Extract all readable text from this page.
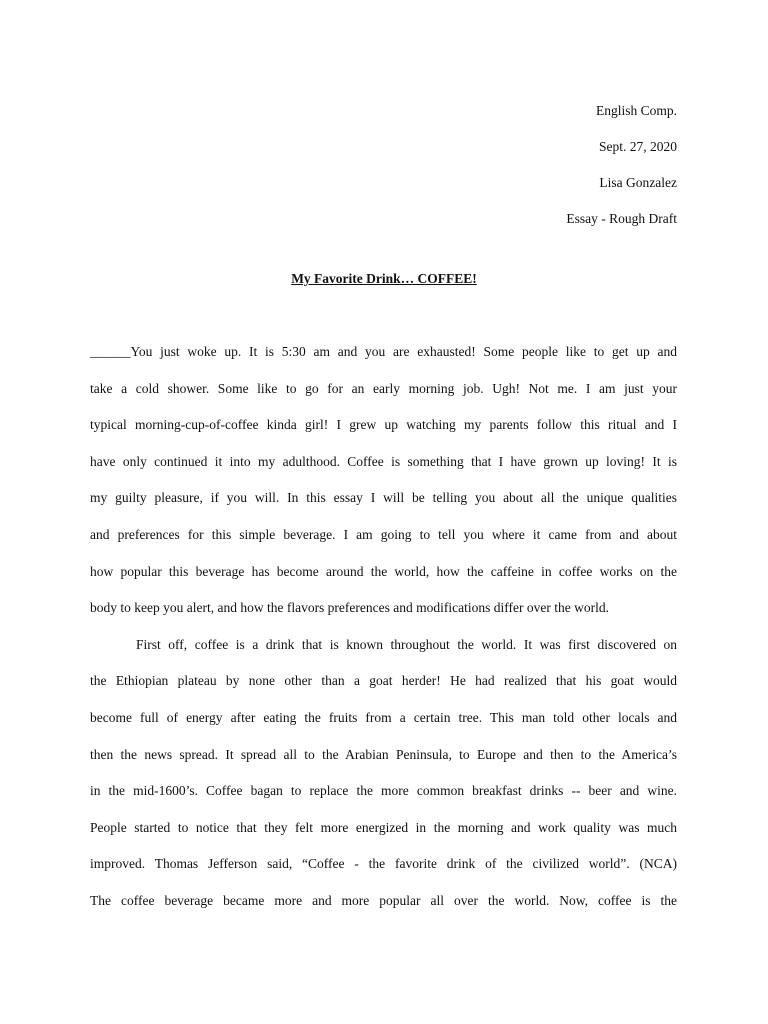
English Comp.
Sept. 27, 2020
Lisa Gonzalez
Essay - Rough Draft
My Favorite Drink… COFFEE!
______You just woke up. It is 5:30 am and you are exhausted! Some people like to get up and
take a cold shower. Some like to go for an early morning job. Ugh! Not me. I am just your
typical morning-cup-of-coffee kinda girl! I grew up watching my parents follow this ritual and I
have only continued it into my adulthood. Coffee is something that I have grown up loving! It is
my guilty pleasure, if you will. In this essay I will be telling you about all the unique qualities
and preferences for this simple beverage. I am going to tell you where it came from and about
how popular this beverage has become around the world, how the caffeine in coffee works on the
body to keep you alert, and how the flavors preferences and modifications differ over the world.
First off, coffee is a drink that is known throughout the world. It was first discovered on
the Ethiopian plateau by none other than a goat herder! He had realized that his goat would
become full of energy after eating the fruits from a certain tree. This man told other locals and
then the news spread. It spread all to the Arabian Peninsula, to Europe and then to the America’s
in the mid-1600’s. Coffee bagan to replace the more common breakfast drinks -- beer and wine.
People started to notice that they felt more energized in the morning and work quality was much
improved. Thomas Jefferson said, “Coffee - the favorite drink of the civilized world”. (NCA)
The coffee beverage became more and more popular all over the world. Now, coffee is the
